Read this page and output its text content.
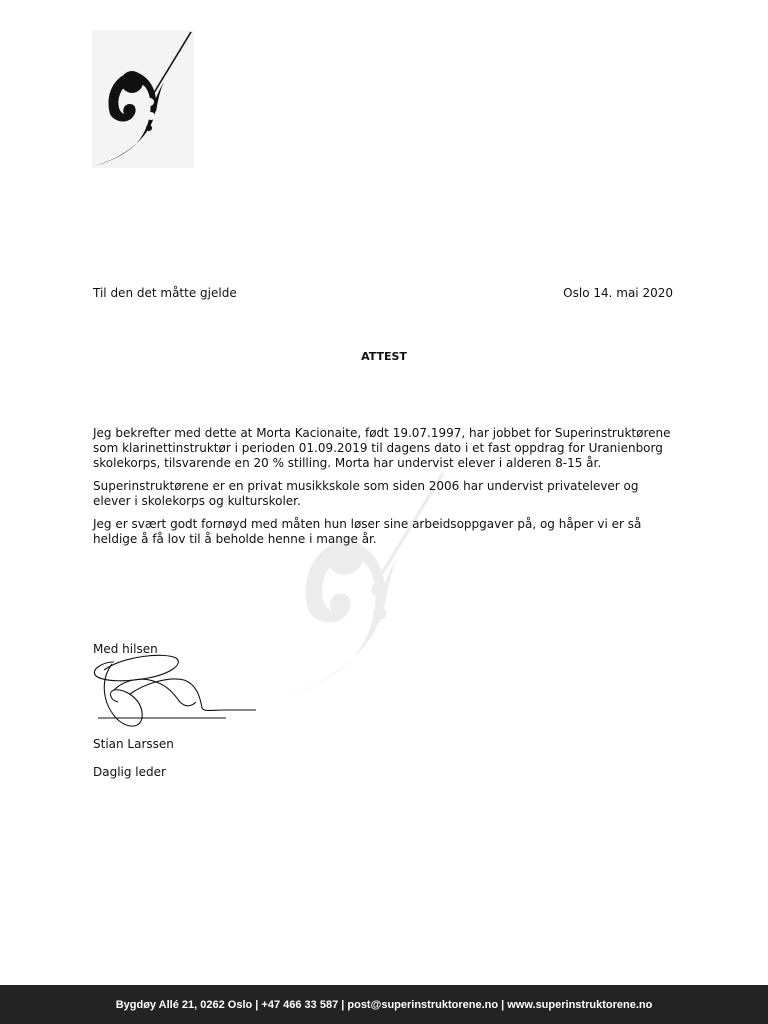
Til den det måtte gjelde	Oslo 14. mai 2020
ATTEST

Jeg bekrefter med dette at Morta Kacionaite, født 19.07.1997, har jobbet for Superinstruktørene som klarinettinstruktør i perioden 01.09.2019 til dagens dato i et fast oppdrag for Uranienborg skolekorps, tilsvarende en 20 % stilling. Morta har undervist elever i alderen 8-15 år.

Superinstruktørene er en privat musikkskole som siden 2006 har undervist privatelever og elever i skolekorps og kulturskoler.

Jeg er svært godt fornøyd med måten hun løser sine arbeidsoppgaver på, og håper vi er så heldige å få lov til å beholde henne i mange år.

Med hilsen
Stian Larssen
Daglig leder
Bygdøy Allé 21, 0262 Oslo | +47 466 33 587 | post@superinstruktorene.no | www.superinstruktorene.no
